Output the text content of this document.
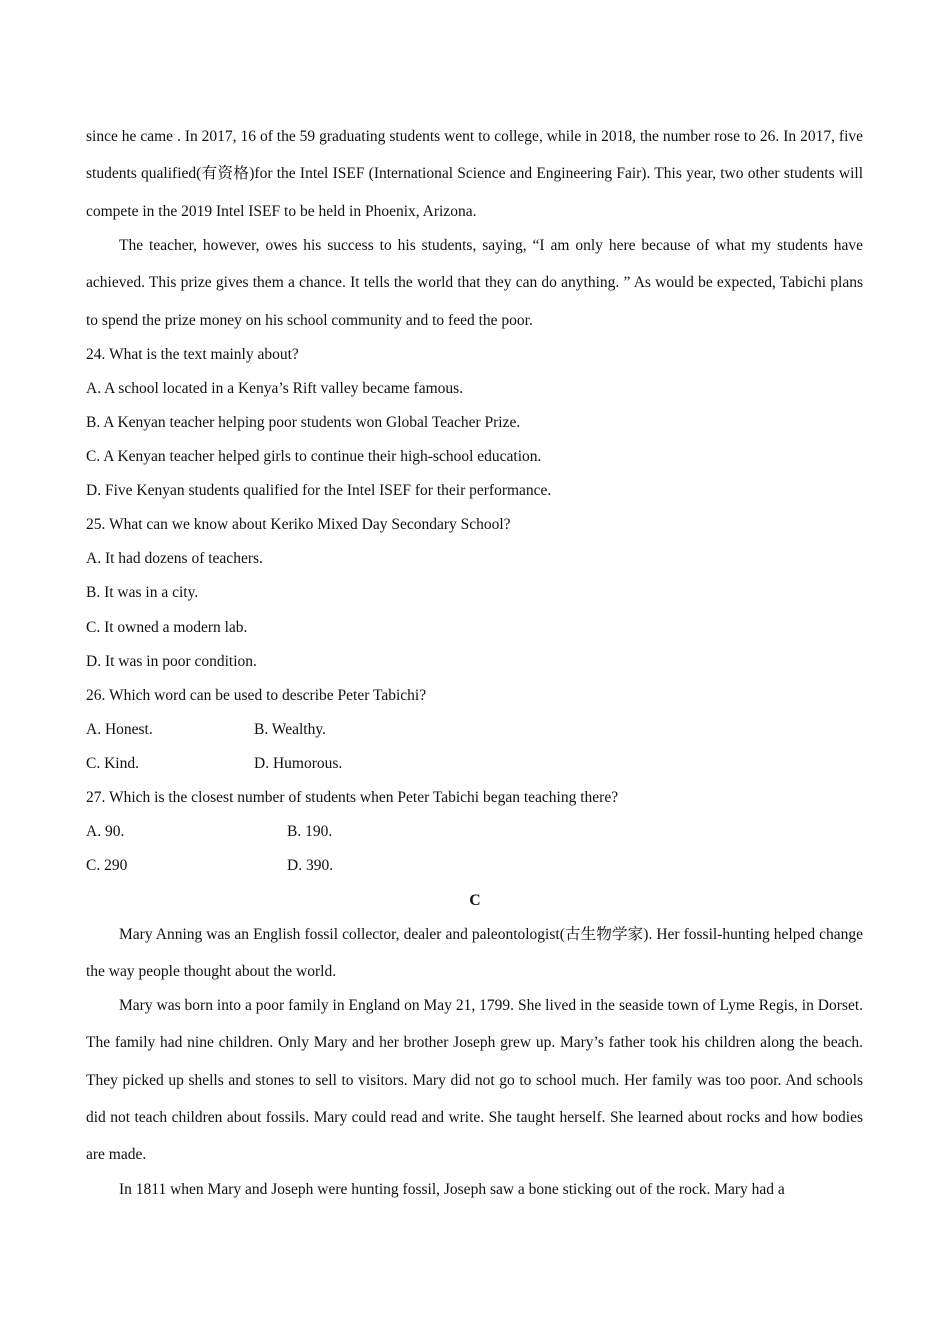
since he came . In 2017, 16 of the 59 graduating students went to college, while in 2018, the number rose to 26. In 2017, five students qualified(有资格)for the Intel ISEF (International Science and Engineering Fair). This year, two other students will compete in the 2019 Intel ISEF to be held in Phoenix, Arizona.

The teacher, however, owes his success to his students, saying, “I am only here because of what my students have achieved. This prize gives them a chance. It tells the world that they can do anything. ” As would be expected, Tabichi plans to spend the prize money on his school community and to feed the poor.

24. What is the text mainly about?
A. A school located in a Kenya’s Rift valley became famous.
B. A Kenyan teacher helping poor students won Global Teacher Prize.
C. A Kenyan teacher helped girls to continue their high-school education.
D. Five Kenyan students qualified for the Intel ISEF for their performance.
25. What can we know about Keriko Mixed Day Secondary School?
A. It had dozens of teachers.
B. It was in a city.
C. It owned a modern lab.
D. It was in poor condition.
26. Which word can be used to describe Peter Tabichi?
A. Honest.	B. Wealthy.
C. Kind.	D. Humorous.
27. Which is the closest number of students when Peter Tabichi began teaching there?
A. 90.	B. 190.
C. 290	D. 390.
C

Mary Anning was an English fossil collector, dealer and paleontologist(古生物学家). Her fossil-hunting helped change the way people thought about the world.

Mary was born into a poor family in England on May 21, 1799. She lived in the seaside town of Lyme Regis, in Dorset. The family had nine children. Only Mary and her brother Joseph grew up. Mary’s father took his children along the beach. They picked up shells and stones to sell to visitors. Mary did not go to school much. Her family was too poor. And schools did not teach children about fossils. Mary could read and write. She taught herself. She learned about rocks and how bodies are made.

In 1811 when Mary and Joseph were hunting fossil, Joseph saw a bone sticking out of the rock. Mary had a
